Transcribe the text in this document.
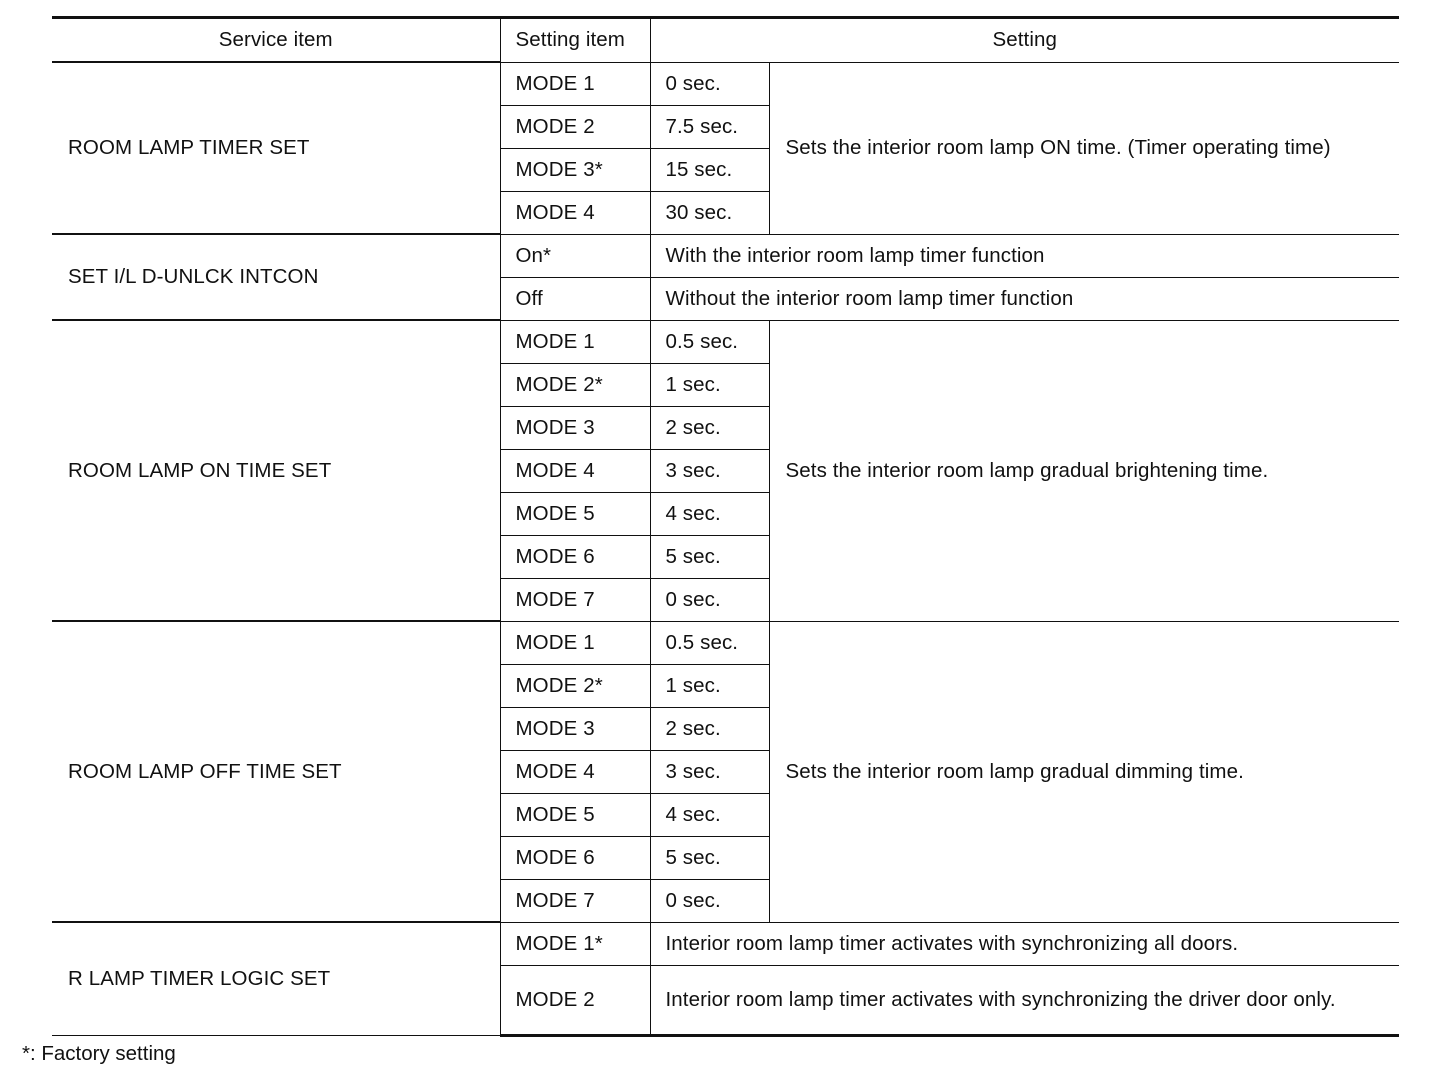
Service item	Setting item	Setting	
ROOM LAMP TIMER SET	MODE 1	0 sec.	Sets the interior room lamp ON time. (Timer operating time)
	MODE 2	7.5 sec.	
	MODE 3*	15 sec.	
	MODE 4	30 sec.	
SET I/L D-UNLCK INTCON	On*	With the interior room lamp timer function	
	Off	Without the interior room lamp timer function	
ROOM LAMP ON TIME SET	MODE 1	0.5 sec.	Sets the interior room lamp gradual brightening time.
	MODE 2*	1 sec.	
	MODE 3	2 sec.	
	MODE 4	3 sec.	
	MODE 5	4 sec.	
	MODE 6	5 sec.	
	MODE 7	0 sec.	
ROOM LAMP OFF TIME SET	MODE 1	0.5 sec.	Sets the interior room lamp gradual dimming time.
	MODE 2*	1 sec.	
	MODE 3	2 sec.	
	MODE 4	3 sec.	
	MODE 5	4 sec.	
	MODE 6	5 sec.	
	MODE 7	0 sec.	
R LAMP TIMER LOGIC SET	MODE 1*	Interior room lamp timer activates with synchronizing all doors.	
	MODE 2	Interior room lamp timer activates with synchronizing the driver door only.	
*: Factory setting
